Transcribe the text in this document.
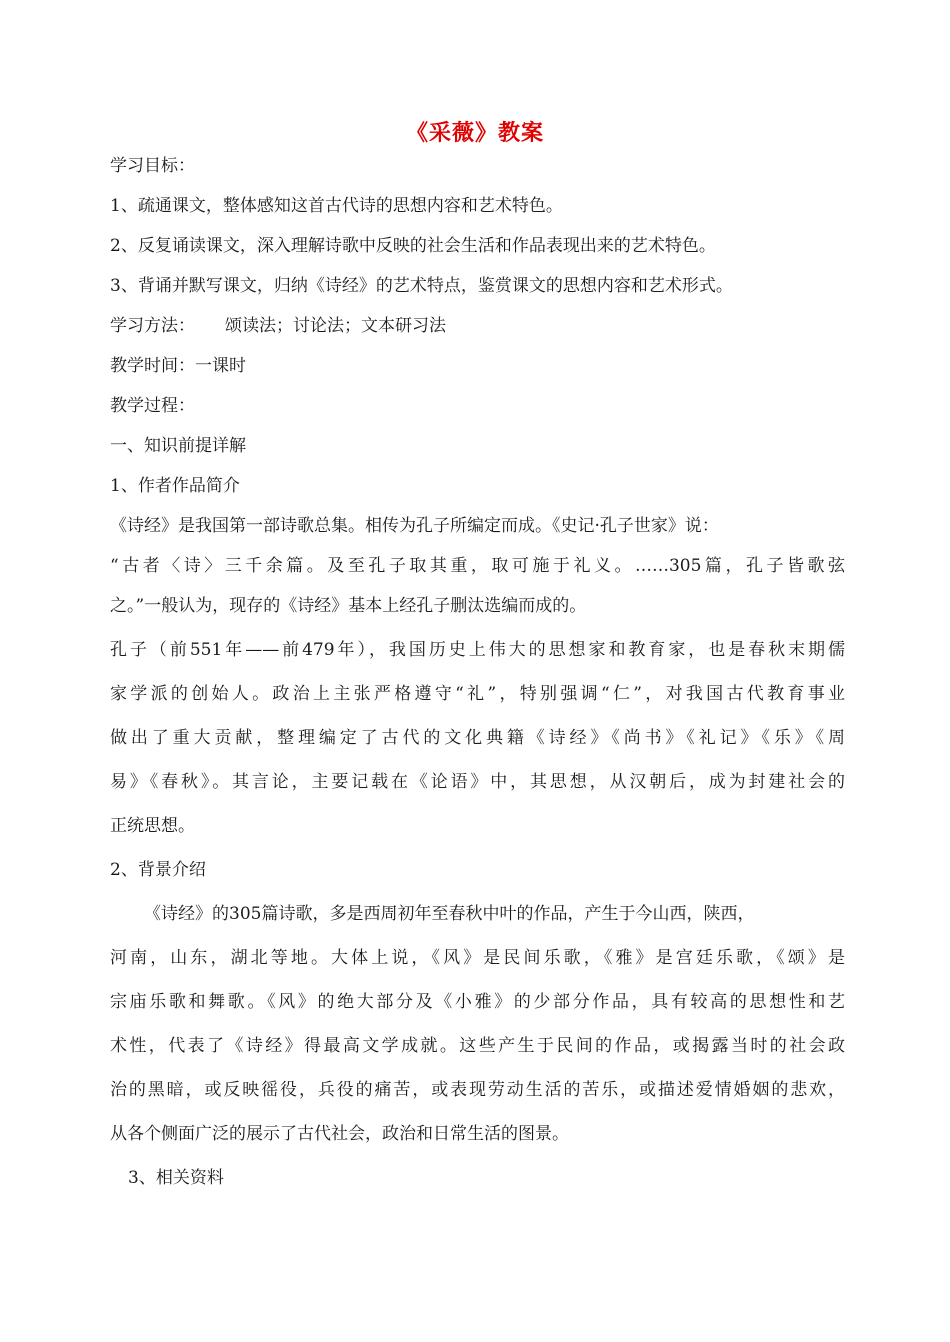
《采薇》教案
学习目标：
1、疏通课文，整体感知这首古代诗的思想内容和艺术特色。
2、反复诵读课文，深入理解诗歌中反映的社会生活和作品表现出来的艺术特色。
3、背诵并默写课文，归纳《诗经》的艺术特点，鉴赏课文的思想内容和艺术形式。
学习方法： 颂读法；讨论法；文本研习法
教学时间：一课时
教学过程：
一、知识前提详解
1、作者作品简介
《诗经》是我国第一部诗歌总集。相传为孔子所编定而成。《史记·孔子世家》说：
“古者〈诗〉三千余篇。及至孔子取其重，取可施于礼义。……305篇，孔子皆歌弦
之。”一般认为，现存的《诗经》基本上经孔子删汰选编而成的。
孔子（前551年——前479年），我国历史上伟大的思想家和教育家，也是春秋末期儒
家学派的创始人。政治上主张严格遵守“礼”，特别强调“仁”，对我国古代教育事业
做出了重大贡献，整理编定了古代的文化典籍《诗经》《尚书》《礼记》《乐》《周
易》《春秋》。其言论，主要记载在《论语》中，其思想，从汉朝后，成为封建社会的
正统思想。
2、背景介绍
《诗经》的305篇诗歌，多是西周初年至春秋中叶的作品，产生于今山西，陕西，
河南，山东，湖北等地。大体上说，《风》是民间乐歌，《雅》是宫廷乐歌，《颂》是
宗庙乐歌和舞歌。《风》的绝大部分及《小雅》的少部分作品，具有较高的思想性和艺
术性，代表了《诗经》得最高文学成就。这些产生于民间的作品，或揭露当时的社会政
治的黑暗，或反映徭役，兵役的痛苦，或表现劳动生活的苦乐，或描述爱情婚姻的悲欢，
从各个侧面广泛的展示了古代社会，政治和日常生活的图景。
3、相关资料
